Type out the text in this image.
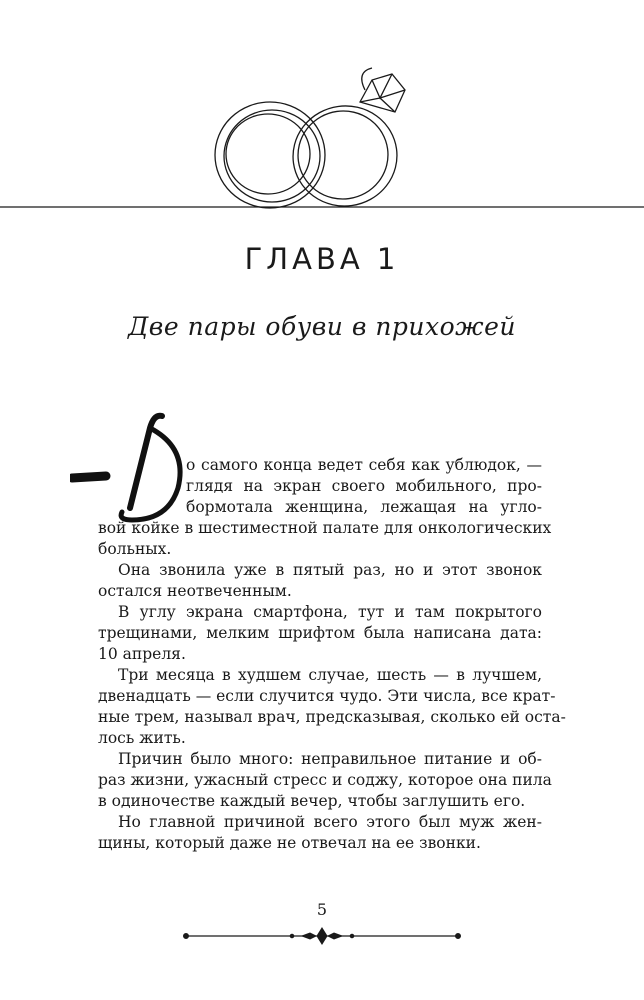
ГЛАВА 1
Две пары обуви в прихожей
о самого конца ведет себя как ублюдок, —
глядя на экран своего мобильного, про-
бормотала женщина, лежащая на угло-
вой койке в шестиместной палате для онкологических
больных.
Она звонила уже в пятый раз, но и этот звонок
остался неотвеченным.
В углу экрана смартфона, тут и там покрытого
трещинами, мелким шрифтом была написана дата:
10 апреля.
Три месяца в худшем случае, шесть — в лучшем,
двенадцать — если случится чудо. Эти числа, все крат-
ные трем, называл врач, предсказывая, сколько ей оста-
лось жить.
Причин было много: неправильное питание и об-
раз жизни, ужасный стресс и соджу, которое она пила
в одиночестве каждый вечер, чтобы заглушить его.
Но главной причиной всего этого был муж жен-
щины, который даже не отвечал на ее звонки.
5
